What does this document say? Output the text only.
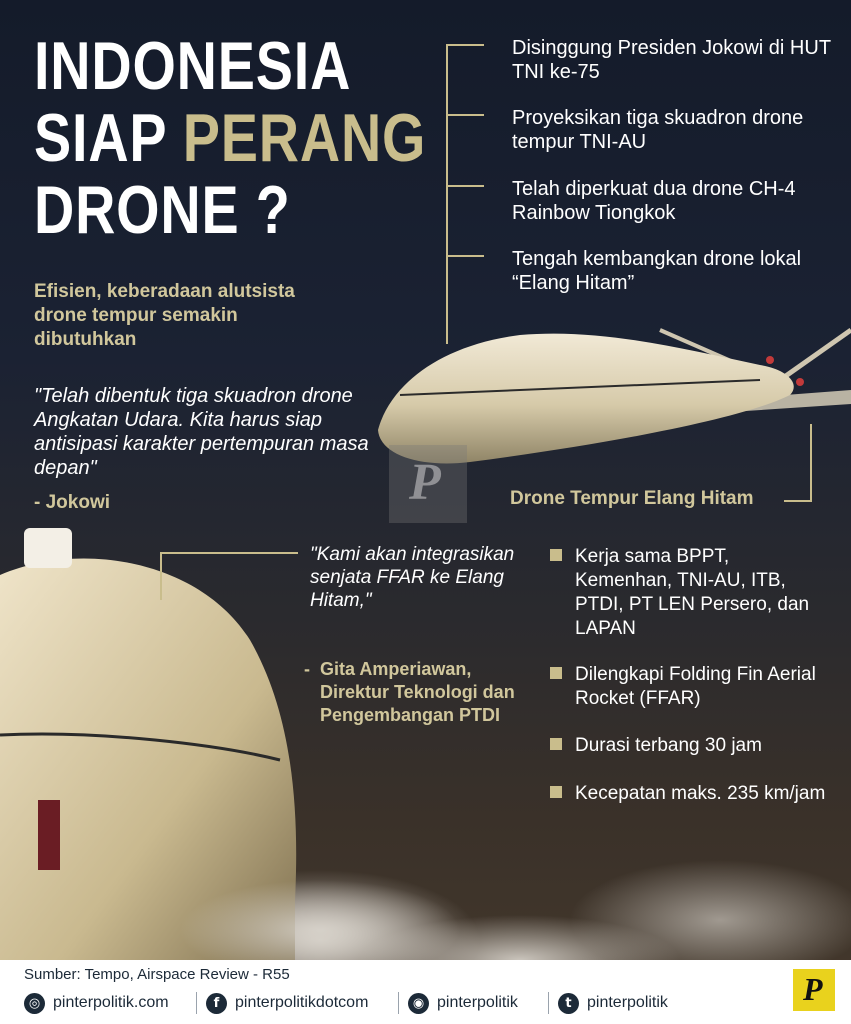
INDONESIA
SIAP PERANG
DRONE ?
Efisien, keberadaan alutsista drone tempur semakin dibutuhkan
"Telah dibentuk tiga skuadron drone Angkatan Udara. Kita harus siap antisipasi karakter pertempuran masa depan"
- Jokowi
Disinggung Presiden Jokowi di HUT TNI ke-75
Proyeksikan tiga skuadron drone tempur TNI-AU
Telah diperkuat dua drone CH-4 Rainbow Tiongkok
Tengah kembangkan drone lokal “Elang Hitam”
P	Drone Tempur Elang Hitam
"Kami akan integrasikan senjata FFAR ke Elang Hitam,"
- Gita Amperiawan, Direktur Teknologi dan Pengembangan PTDI
Kerja sama BPPT, Kemenhan, TNI-AU, ITB, PTDI, PT LEN Persero, dan LAPAN
Dilengkapi Folding Fin Aerial Rocket (FFAR)
Durasi terbang 30 jam
Kecepatan maks. 235 km/jam
Sumber: Tempo, Airspace Review - R55
◎ pinterpolitik.com	f pinterpolitikdotcom	◉ pinterpolitik	t pinterpolitik	P
